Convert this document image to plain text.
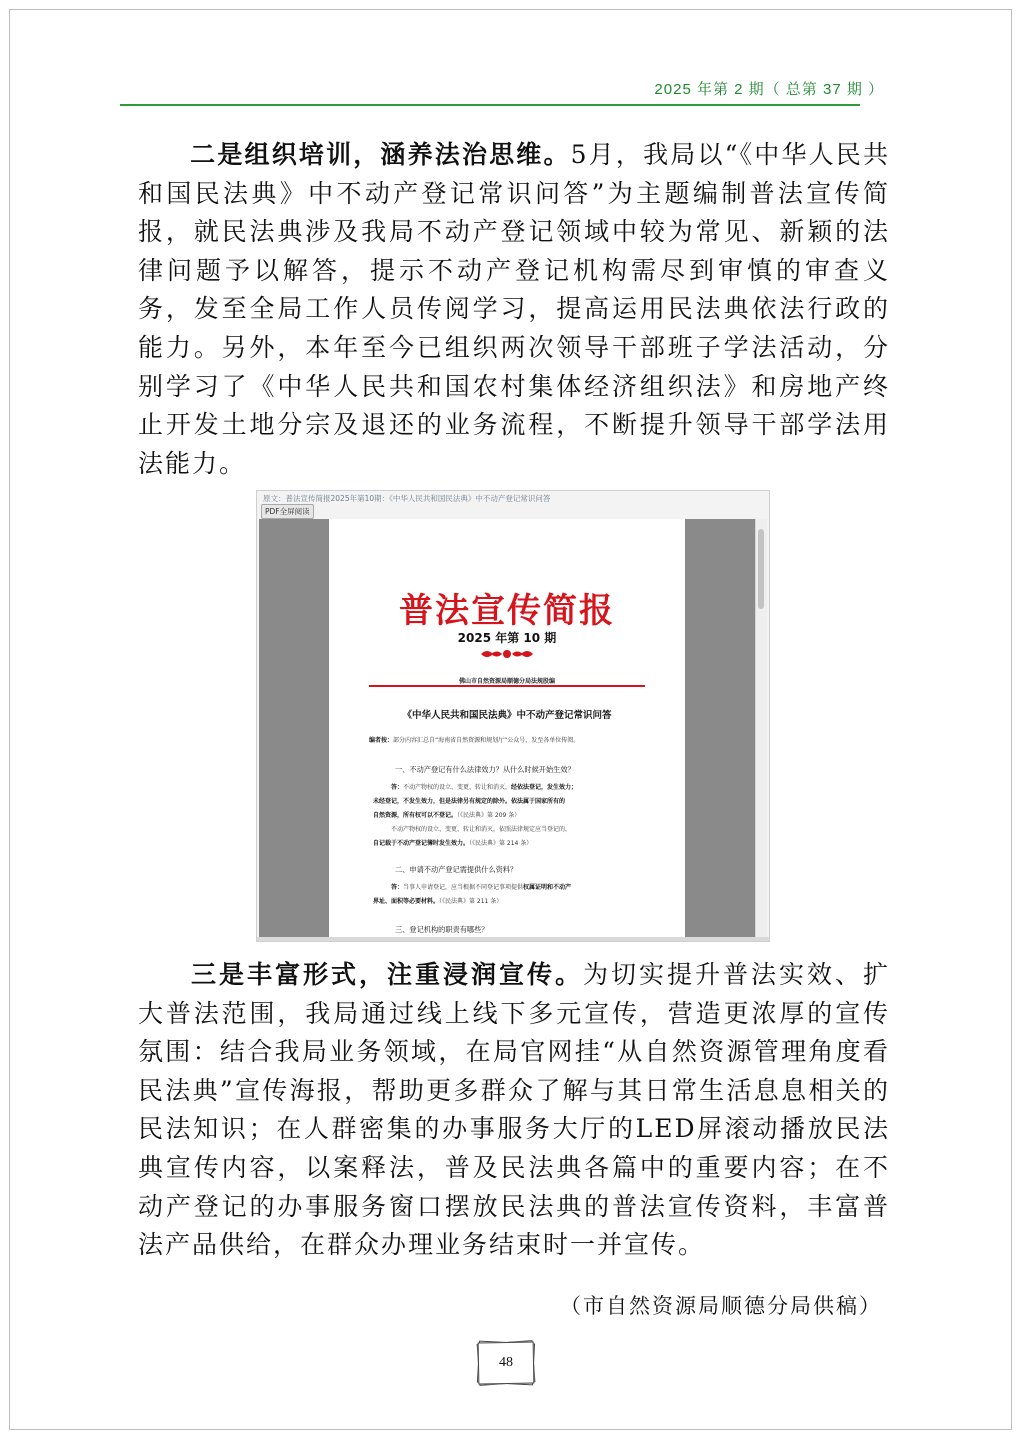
2025 年第 2 期（ 总第 37 期 ）

二是组织培训，涵养法治思维。5月，我局以“《中华人民共和国民法典》中不动产登记常识问答”为主题编制普法宣传简报，就民法典涉及我局不动产登记领域中较为常见、新颖的法律问题予以解答，提示不动产登记机构需尽到审慎的审查义务，发至全局工作人员传阅学习，提高运用民法典依法行政的能力。另外，本年至今已组织两次领导干部班子学法活动，分别学习了《中华人民共和国农村集体经济组织法》和房地产终止开发土地分宗及退还的业务流程，不断提升领导干部学法用法能力。

原文：普法宣传简报2025年第10期：《中华人民共和国民法典》中不动产登记常识问答
PDF全屏阅读
普法宣传简报
2025 年第 10 期
佛山市自然资源局顺德分局法规股编
《中华人民共和国民法典》中不动产登记常识问答
编者按：部分内容汇总自“海南省自然资源和规划厅”公众号，发至各单位传阅。
一、不动产登记有什么法律效力？从什么时候开始生效？
答：不动产物权的设立、变更、转让和消灭，经依法登记，发生效力；
未经登记，不发生效力，但是法律另有规定的除外。依法属于国家所有的
自然资源，所有权可以不登记。（《民法典》第 209 条）
不动产物权的设立、变更、转让和消灭，依照法律规定应当登记的，
自记载于不动产登记簿时发生效力。（《民法典》第 214 条）
二、申请不动产登记需提供什么资料？
答：当事人申请登记，应当根据不同登记事项提供权属证明和不动产
界址、面积等必要材料。（《民法典》第 211 条）
三、登记机构的职责有哪些？

三是丰富形式，注重浸润宣传。为切实提升普法实效、扩大普法范围，我局通过线上线下多元宣传，营造更浓厚的宣传氛围：结合我局业务领域，在局官网挂“从自然资源管理角度看民法典”宣传海报，帮助更多群众了解与其日常生活息息相关的民法知识；在人群密集的办事服务大厅的LED屏滚动播放民法典宣传内容，以案释法，普及民法典各篇中的重要内容；在不动产登记的办事服务窗口摆放民法典的普法宣传资料，丰富普法产品供给，在群众办理业务结束时一并宣传。

（市自然资源局顺德分局供稿）
48
